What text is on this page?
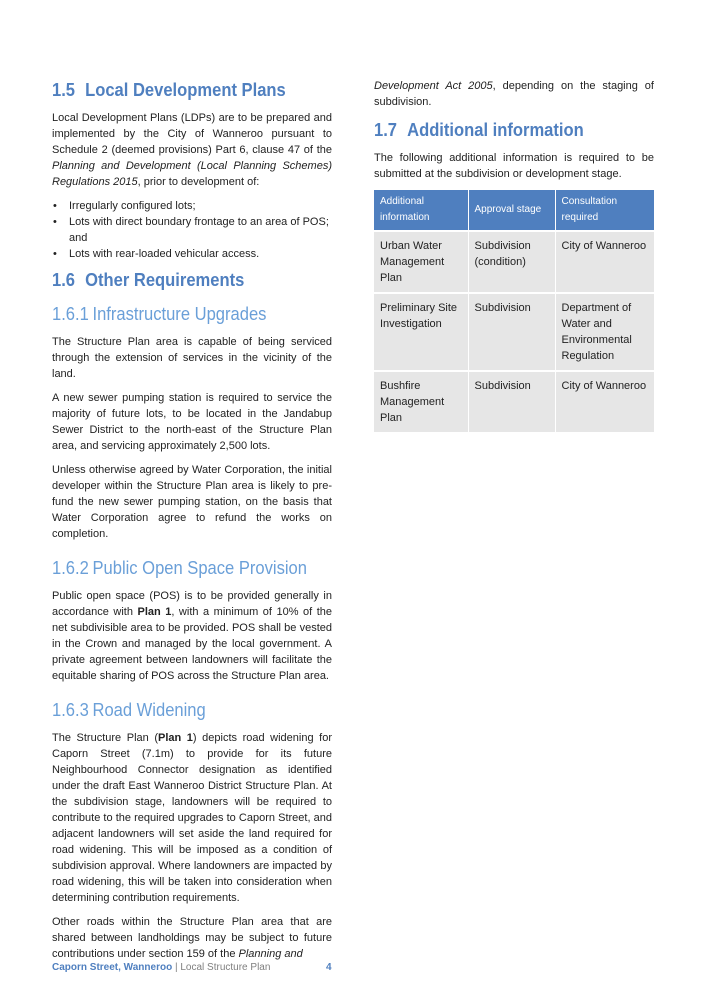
1.5 Local Development Plans

Local Development Plans (LDPs) are to be prepared and implemented by the City of Wanneroo pursuant to Schedule 2 (deemed provisions) Part 6, clause 47 of the Planning and Development (Local Planning Schemes) Regulations 2015, prior to development of:

• Irregularly configured lots;
• Lots with direct boundary frontage to an area of POS; and
• Lots with rear-loaded vehicular access.
1.6 Other Requirements
1.6.1 Infrastructure Upgrades

The Structure Plan area is capable of being serviced through the extension of services in the vicinity of the land.

A new sewer pumping station is required to service the majority of future lots, to be located in the Jandabup Sewer District to the north-east of the Structure Plan area, and servicing approximately 2,500 lots.

Unless otherwise agreed by Water Corporation, the initial developer within the Structure Plan area is likely to pre-fund the new sewer pumping station, on the basis that Water Corporation agree to refund the works on completion.

1.6.2 Public Open Space Provision

Public open space (POS) is to be provided generally in accordance with Plan 1, with a minimum of 10% of the net subdivisible area to be provided. POS shall be vested in the Crown and managed by the local government. A private agreement between landowners will facilitate the equitable sharing of POS across the Structure Plan area.

1.6.3 Road Widening

The Structure Plan (Plan 1) depicts road widening for Caporn Street (7.1m) to provide for its future Neighbourhood Connector designation as identified under the draft East Wanneroo District Structure Plan. At the subdivision stage, landowners will be required to contribute to the required upgrades to Caporn Street, and adjacent landowners will set aside the land required for road widening. This will be imposed as a condition of subdivision approval. Where landowners are impacted by road widening, this will be taken into consideration when determining contribution requirements.

Other roads within the Structure Plan area that are shared between landholdings may be subject to future contributions under section 159 of the Planning and

Development Act 2005, depending on the staging of subdivision.

1.7 Additional information

The following additional information is required to be submitted at the subdivision or development stage.

Additional information	Approval stage	Consultation required
Urban Water Management Plan	Subdivision (condition)	City of Wanneroo
Preliminary Site Investigation	Subdivision	Department of Water and Environmental Regulation
Bushfire Management Plan	Subdivision	City of Wanneroo
Caporn Street, Wanneroo | Local Structure Plan	4
